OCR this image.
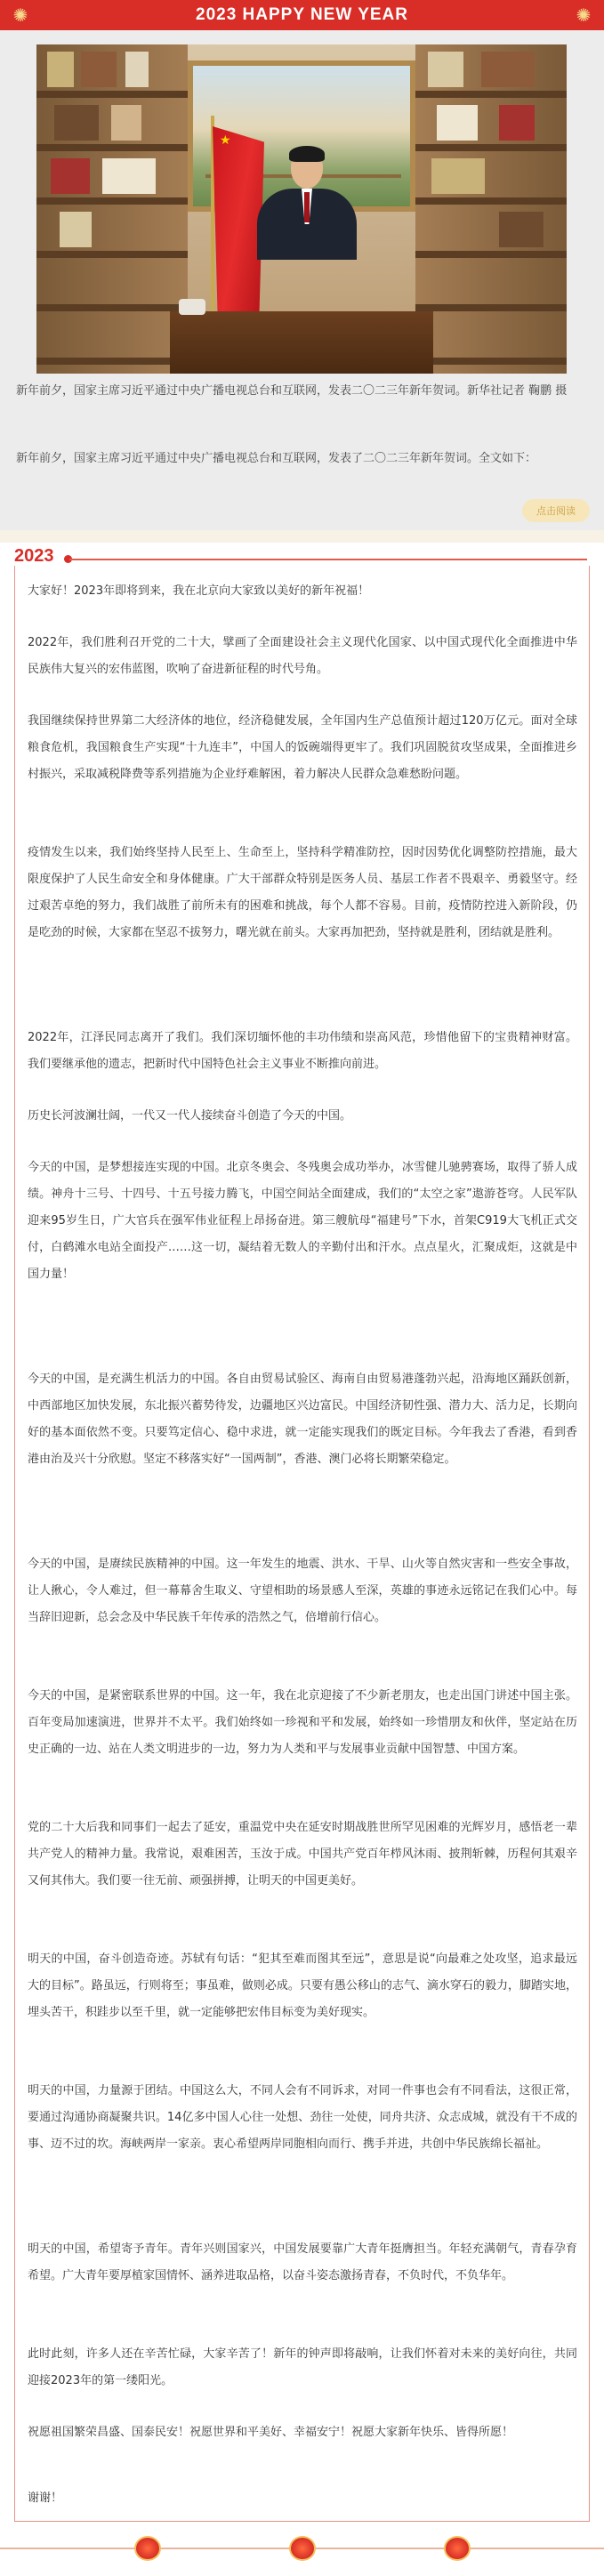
✺	2023 HAPPY NEW YEAR	✺
★

新年前夕，国家主席习近平通过中央广播电视总台和互联网，发表二〇二三年新年贺词。新华社记者 鞠鹏 摄

新年前夕，国家主席习近平通过中央广播电视总台和互联网，发表了二〇二三年新年贺词。全文如下：

点击阅读
2023

大家好！2023年即将到来，我在北京向大家致以美好的新年祝福！

2022年，我们胜利召开党的二十大，擘画了全面建设社会主义现代化国家、以中国式现代化全面推进中华民族伟大复兴的宏伟蓝图，吹响了奋进新征程的时代号角。

我国继续保持世界第二大经济体的地位，经济稳健发展，全年国内生产总值预计超过120万亿元。面对全球粮食危机，我国粮食生产实现“十九连丰”，中国人的饭碗端得更牢了。我们巩固脱贫攻坚成果，全面推进乡村振兴，采取减税降费等系列措施为企业纾难解困，着力解决人民群众急难愁盼问题。

疫情发生以来，我们始终坚持人民至上、生命至上，坚持科学精准防控，因时因势优化调整防控措施，最大限度保护了人民生命安全和身体健康。广大干部群众特别是医务人员、基层工作者不畏艰辛、勇毅坚守。经过艰苦卓绝的努力，我们战胜了前所未有的困难和挑战，每个人都不容易。目前，疫情防控进入新阶段，仍是吃劲的时候，大家都在坚忍不拔努力，曙光就在前头。大家再加把劲，坚持就是胜利，团结就是胜利。

2022年，江泽民同志离开了我们。我们深切缅怀他的丰功伟绩和崇高风范，珍惜他留下的宝贵精神财富。我们要继承他的遗志，把新时代中国特色社会主义事业不断推向前进。

历史长河波澜壮阔，一代又一代人接续奋斗创造了今天的中国。

今天的中国，是梦想接连实现的中国。北京冬奥会、冬残奥会成功举办，冰雪健儿驰骋赛场，取得了骄人成绩。神舟十三号、十四号、十五号接力腾飞，中国空间站全面建成，我们的“太空之家”遨游苍穹。人民军队迎来95岁生日，广大官兵在强军伟业征程上昂扬奋进。第三艘航母“福建号”下水，首架C919大飞机正式交付，白鹤滩水电站全面投产……这一切，凝结着无数人的辛勤付出和汗水。点点星火，汇聚成炬，这就是中国力量！

今天的中国，是充满生机活力的中国。各自由贸易试验区、海南自由贸易港蓬勃兴起，沿海地区踊跃创新，中西部地区加快发展，东北振兴蓄势待发，边疆地区兴边富民。中国经济韧性强、潜力大、活力足，长期向好的基本面依然不变。只要笃定信心、稳中求进，就一定能实现我们的既定目标。今年我去了香港，看到香港由治及兴十分欣慰。坚定不移落实好“一国两制”，香港、澳门必将长期繁荣稳定。

今天的中国，是赓续民族精神的中国。这一年发生的地震、洪水、干旱、山火等自然灾害和一些安全事故，让人揪心，令人难过，但一幕幕舍生取义、守望相助的场景感人至深，英雄的事迹永远铭记在我们心中。每当辞旧迎新，总会念及中华民族千年传承的浩然之气，倍增前行信心。

今天的中国，是紧密联系世界的中国。这一年，我在北京迎接了不少新老朋友，也走出国门讲述中国主张。百年变局加速演进，世界并不太平。我们始终如一珍视和平和发展，始终如一珍惜朋友和伙伴，坚定站在历史正确的一边、站在人类文明进步的一边，努力为人类和平与发展事业贡献中国智慧、中国方案。

党的二十大后我和同事们一起去了延安，重温党中央在延安时期战胜世所罕见困难的光辉岁月，感悟老一辈共产党人的精神力量。我常说，艰难困苦，玉汝于成。中国共产党百年栉风沐雨、披荆斩棘，历程何其艰辛又何其伟大。我们要一往无前、顽强拼搏，让明天的中国更美好。

明天的中国，奋斗创造奇迹。苏轼有句话：“犯其至难而图其至远”，意思是说“向最难之处攻坚，追求最远大的目标”。路虽远，行则将至；事虽难，做则必成。只要有愚公移山的志气、滴水穿石的毅力，脚踏实地，埋头苦干，积跬步以至千里，就一定能够把宏伟目标变为美好现实。

明天的中国，力量源于团结。中国这么大，不同人会有不同诉求，对同一件事也会有不同看法，这很正常，要通过沟通协商凝聚共识。14亿多中国人心往一处想、劲往一处使，同舟共济、众志成城，就没有干不成的事、迈不过的坎。海峡两岸一家亲。衷心希望两岸同胞相向而行、携手并进，共创中华民族绵长福祉。

明天的中国，希望寄予青年。青年兴则国家兴，中国发展要靠广大青年挺膺担当。年轻充满朝气，青春孕育希望。广大青年要厚植家国情怀、涵养进取品格，以奋斗姿态激扬青春，不负时代，不负华年。

此时此刻，许多人还在辛苦忙碌，大家辛苦了！新年的钟声即将敲响，让我们怀着对未来的美好向往，共同迎接2023年的第一缕阳光。

祝愿祖国繁荣昌盛、国泰民安！祝愿世界和平美好、幸福安宁！祝愿大家新年快乐、皆得所愿！

谢谢！
